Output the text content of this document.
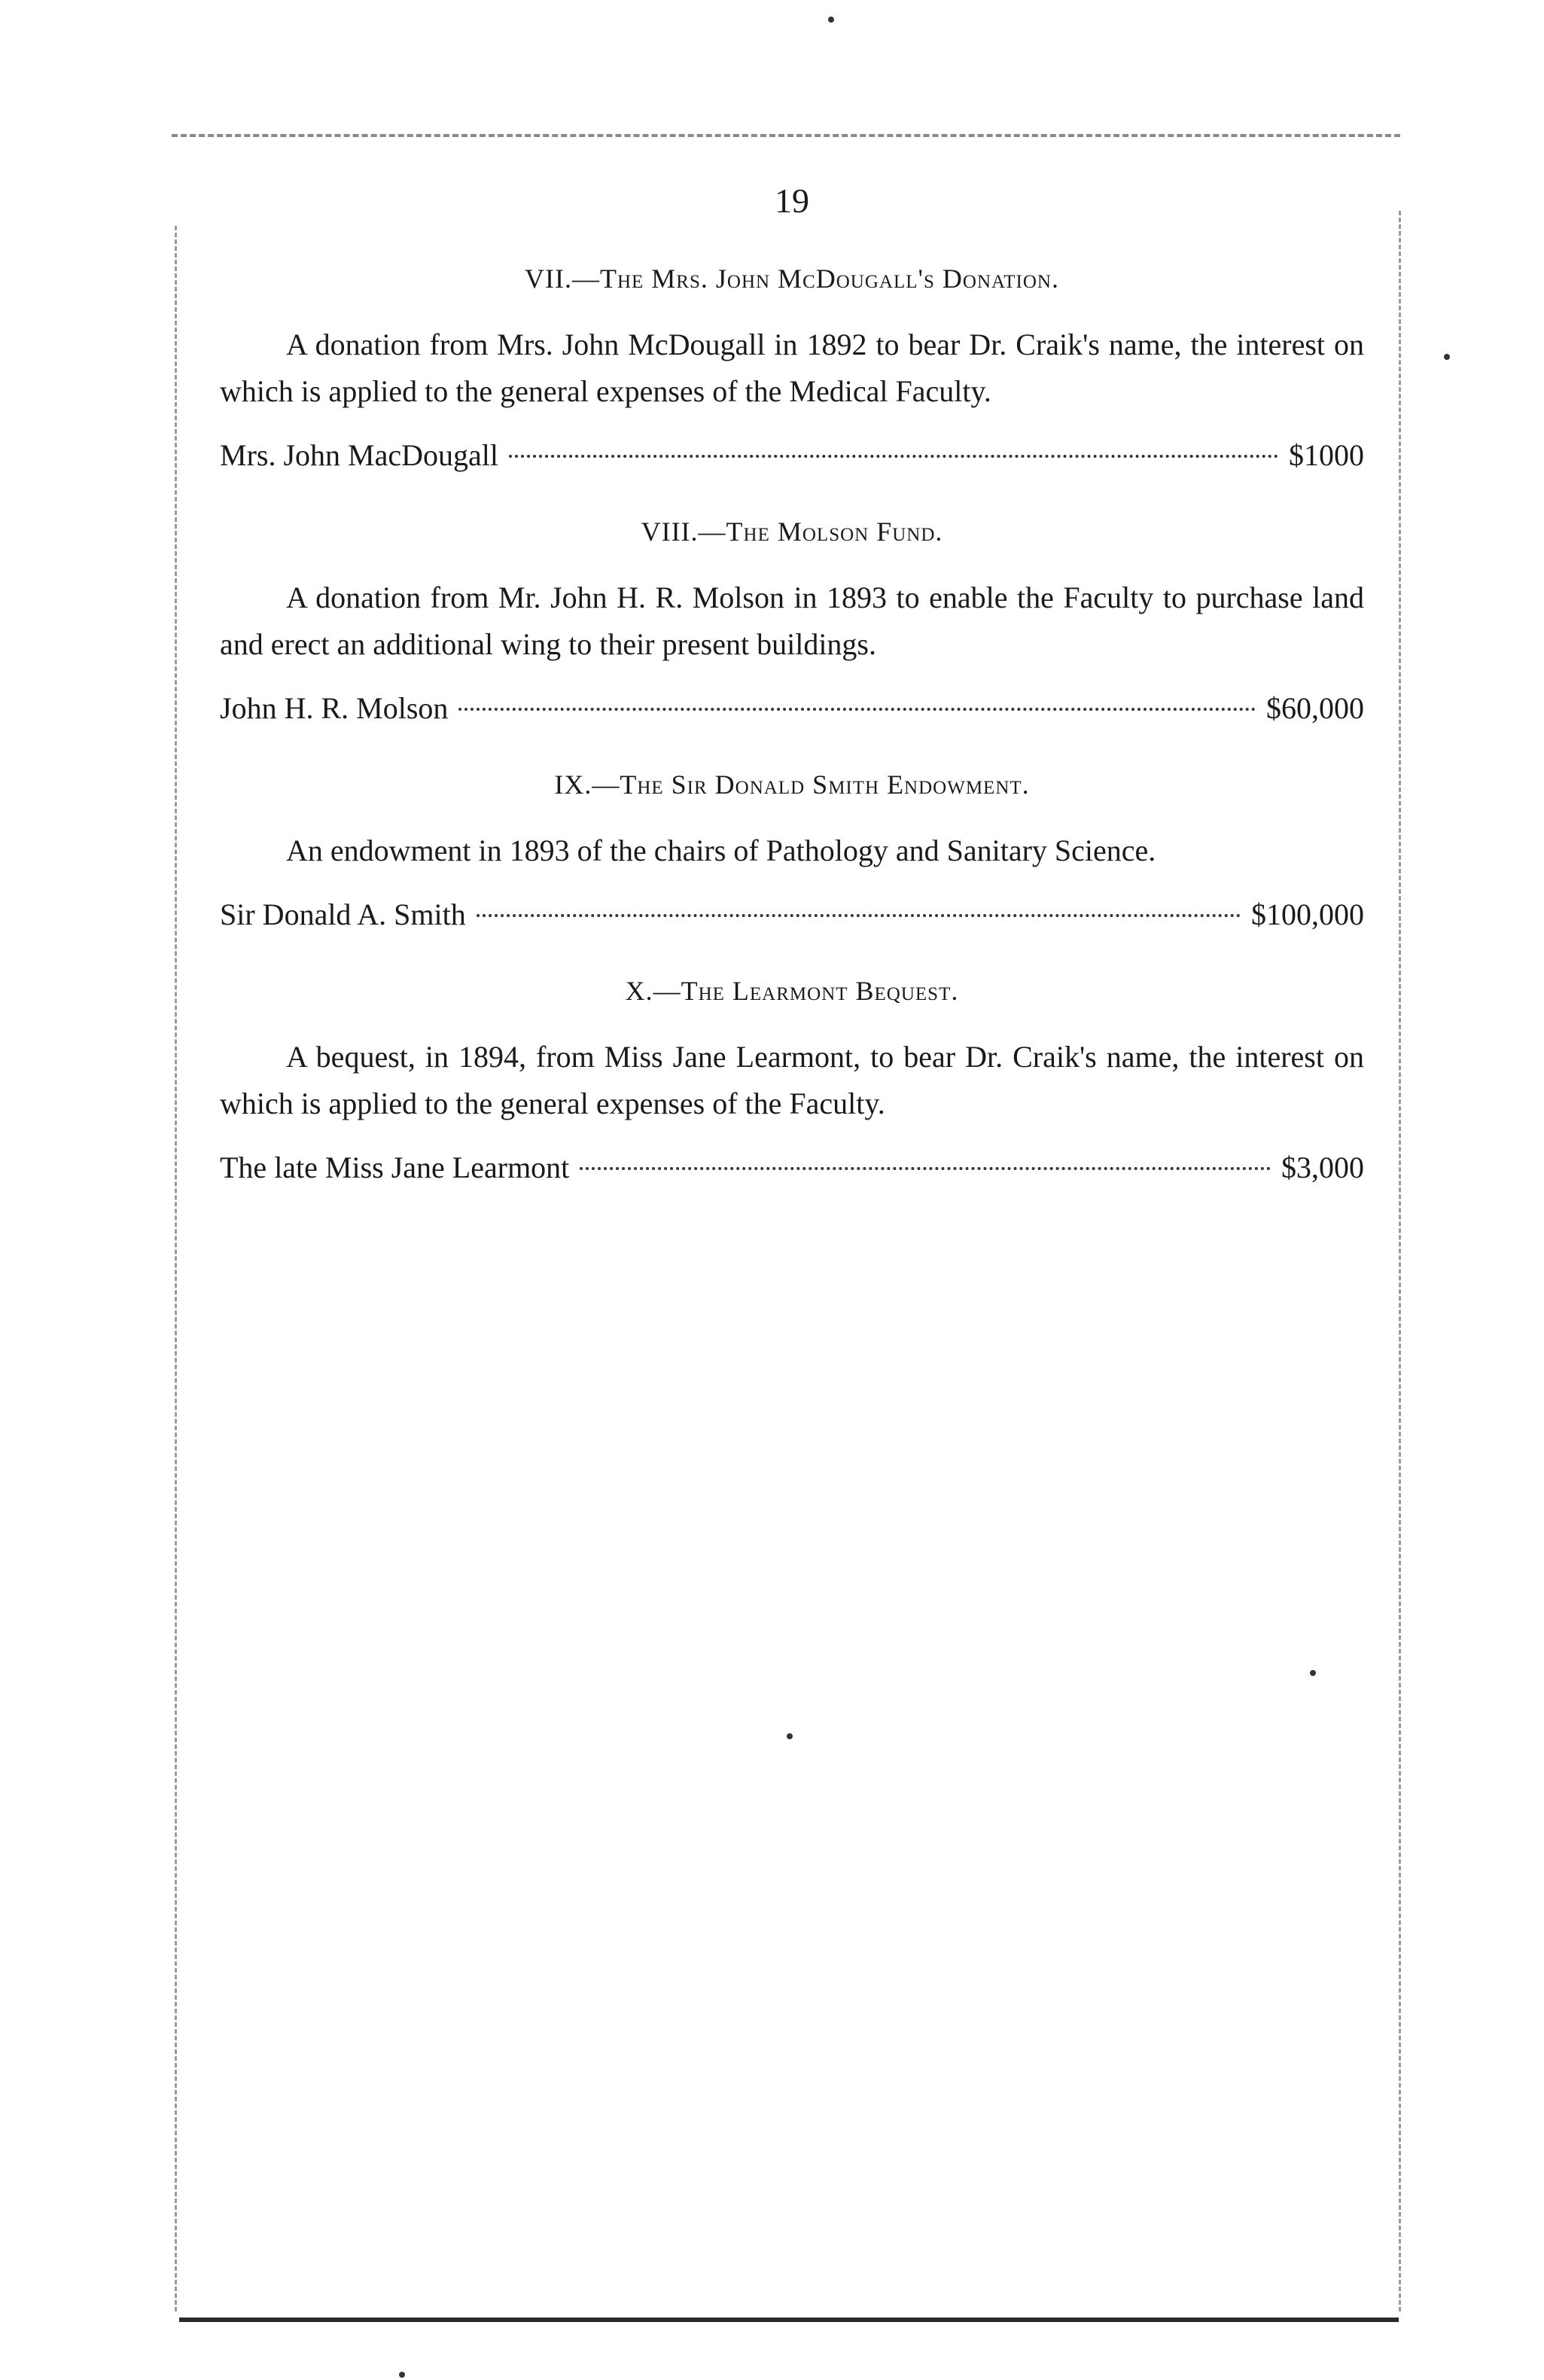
19
VII.—The Mrs. John McDougall's Donation.

A donation from Mrs. John McDougall in 1892 to bear Dr. Craik's name, the interest on which is applied to the general expenses of the Medical Faculty.

Mrs. John MacDougall	$1000
VIII.—The Molson Fund.

A donation from Mr. John H. R. Molson in 1893 to enable the Faculty to purchase land and erect an additional wing to their present buildings.

John H. R. Molson	$60,000
IX.—The Sir Donald Smith Endowment.

An endowment in 1893 of the chairs of Pathology and Sanitary Science.

Sir Donald A. Smith	$100,000
X.—The Learmont Bequest.

A bequest, in 1894, from Miss Jane Learmont, to bear Dr. Craik's name, the interest on which is applied to the general expenses of the Faculty.

The late Miss Jane Learmont	$3,000
